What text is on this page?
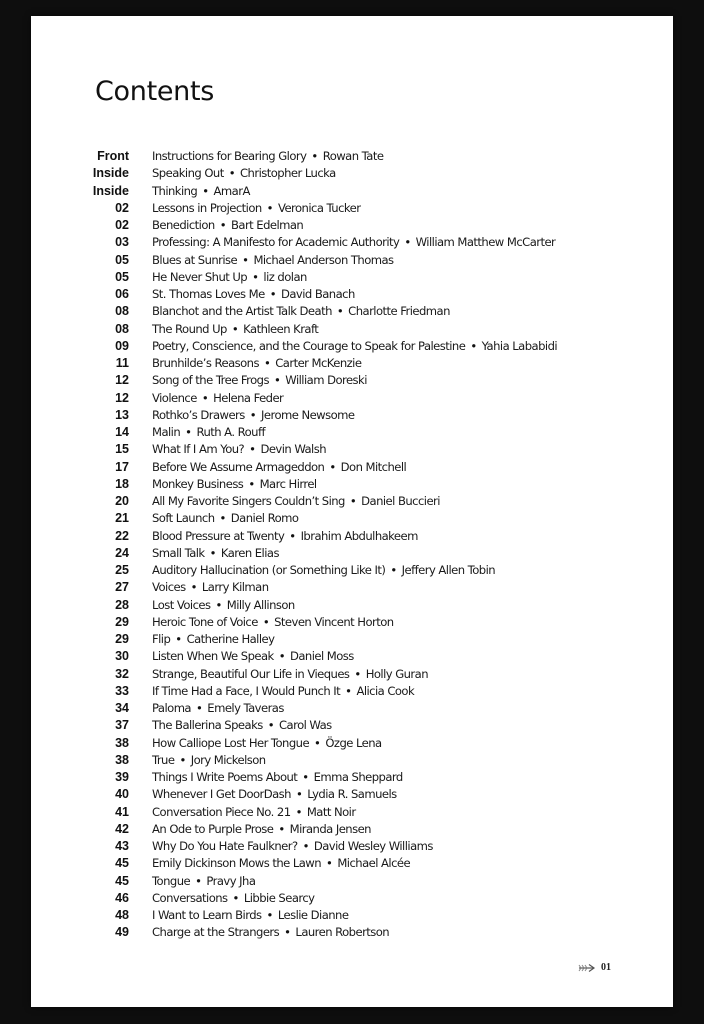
Contents
Front Instructions for Bearing Glory • Rowan Tate
Inside Speaking Out • Christopher Lucka
Inside Thinking • AmarA
02 Lessons in Projection • Veronica Tucker
02 Benediction • Bart Edelman
03 Professing: A Manifesto for Academic Authority • William Matthew McCarter
05 Blues at Sunrise • Michael Anderson Thomas
05 He Never Shut Up • liz dolan
06 St. Thomas Loves Me • David Banach
08 Blanchot and the Artist Talk Death • Charlotte Friedman
08 The Round Up • Kathleen Kraft
09 Poetry, Conscience, and the Courage to Speak for Palestine • Yahia Lababidi
11 Brunhilde’s Reasons • Carter McKenzie
12 Song of the Tree Frogs • William Doreski
12 Violence • Helena Feder
13 Rothko’s Drawers • Jerome Newsome
14 Malin • Ruth A. Rouff
15 What If I Am You? • Devin Walsh
17 Before We Assume Armageddon • Don Mitchell
18 Monkey Business • Marc Hirrel
20 All My Favorite Singers Couldn’t Sing • Daniel Buccieri
21 Soft Launch • Daniel Romo
22 Blood Pressure at Twenty • Ibrahim Abdulhakeem
24 Small Talk • Karen Elias
25 Auditory Hallucination (or Something Like It) • Jeffery Allen Tobin
27 Voices • Larry Kilman
28 Lost Voices • Milly Allinson
29 Heroic Tone of Voice • Steven Vincent Horton
29 Flip • Catherine Halley
30 Listen When We Speak • Daniel Moss
32 Strange, Beautiful Our Life in Vieques • Holly Guran
33 If Time Had a Face, I Would Punch It • Alicia Cook
34 Paloma • Emely Taveras
37 The Ballerina Speaks • Carol Was
38 How Calliope Lost Her Tongue • Özge Lena
38 True • Jory Mickelson
39 Things I Write Poems About • Emma Sheppard
40 Whenever I Get DoorDash • Lydia R. Samuels
41 Conversation Piece No. 21 • Matt Noir
42 An Ode to Purple Prose • Miranda Jensen
43 Why Do You Hate Faulkner? • David Wesley Williams
45 Emily Dickinson Mows the Lawn • Michael Alcée
45 Tongue • Pravy Jha
46 Conversations • Libbie Searcy
48 I Want to Learn Birds • Leslie Dianne
49 Charge at the Strangers • Lauren Robertson
01
